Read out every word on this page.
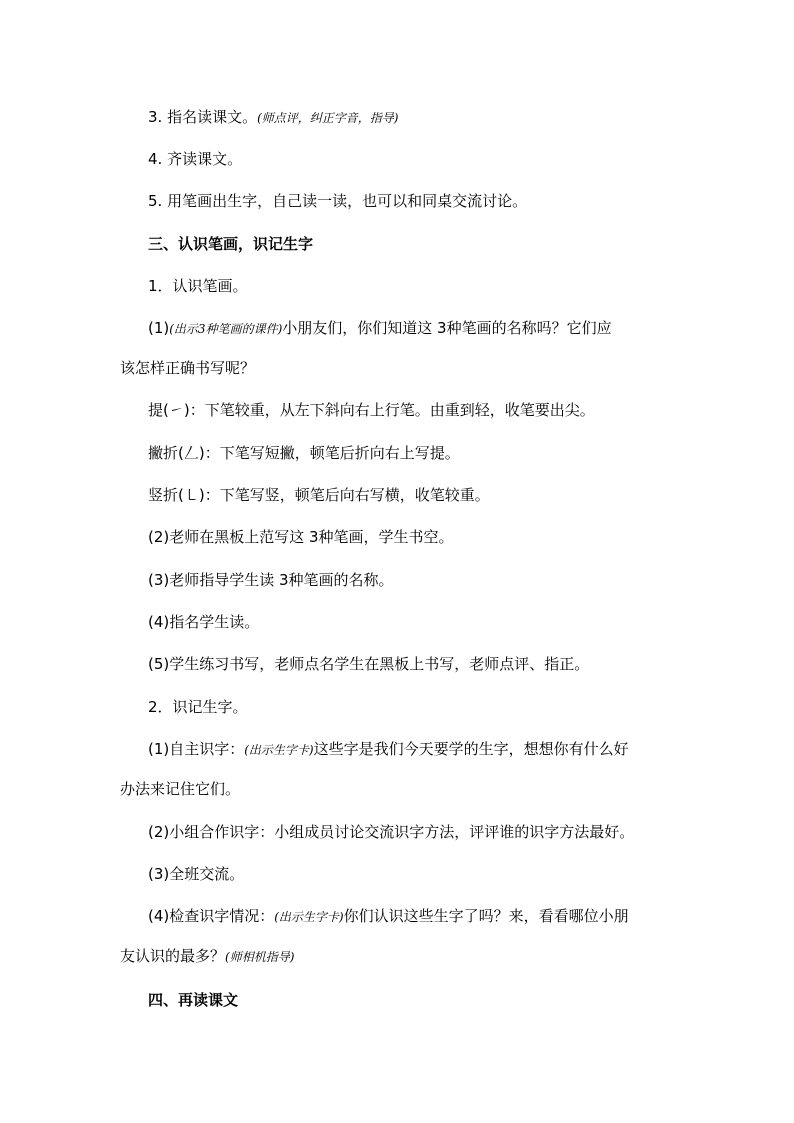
3. 指名读课文。(师点评，纠正字音，指导)
4. 齐读课文。
5. 用笔画出生字，自己读一读，也可以和同桌交流讨论。
三、认识笔画，识记生字
1．认识笔画。
(1)(出示3种笔画的课件)小朋友们，你们知道这 3种笔画的名称吗？它们应
该怎样正确书写呢？
提(㇀)：下笔较重，从左下斜向右上行笔。由重到轻，收笔要出尖。
撇折(𠃋)：下笔写短撇，顿笔后折向右上写提。
竖折(㇄)：下笔写竖，顿笔后向右写横，收笔较重。
(2)老师在黑板上范写这 3种笔画，学生书空。
(3)老师指导学生读 3种笔画的名称。
(4)指名学生读。
(5)学生练习书写，老师点名学生在黑板上书写，老师点评、指正。
2．识记生字。
(1)自主识字：(出示生字卡)这些字是我们今天要学的生字，想想你有什么好
办法来记住它们。
(2)小组合作识字：小组成员讨论交流识字方法，评评谁的识字方法最好。
(3)全班交流。
(4)检查识字情况：(出示生字卡)你们认识这些生字了吗？来，看看哪位小朋
友认识的最多？(师相机指导)
四、再读课文
